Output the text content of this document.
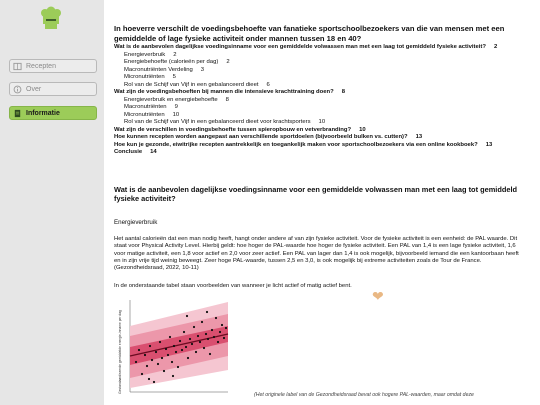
Recepten
Over
Informatie
In hoeverre verschilt de voedingsbehoefte van fanatieke sportschoolbezoekers van die van mensen met een gemiddelde of lage fysieke activiteit onder mannen tussen 18 en 40?
Wat is de aanbevolen dagelijkse voedingsinname voor een gemiddelde volwassen man met een laag tot gemiddeld fysieke activiteit? 2
Energieverbruik 2
Energiebehoefte (calorieën per dag) 2
Macronutriënten Verdeling 3
Micronutriënten 5
Rol van de Schijf van Vijf in een gebalanceerd dieet 6
Wat zijn de voedingsbehoeften bij mannen die intensieve krachttraining doen? 8
Energieverbruik en energiebehoefte 8
Macronutriënten 9
Micronutriënten 10
Rol van de Schijf van Vijf in een gebalanceerd dieet voor krachtsporters 10
Wat zijn de verschillen in voedingsbehoefte tussen spieropbouw en vetverbranding? 10
Hoe kunnen recepten worden aangepast aan verschillende sportdoelen (bijvoorbeeld bulken vs. cutten)? 13
Hoe kun je gezonde, eiwitrijke recepten aantrekkelijk en toegankelijk maken voor sportschoolbezoekers via een online kookboek? 13
Conclusie 14
Wat is de aanbevolen dagelijkse voedingsinname voor een gemiddelde volwassen man met een laag tot gemiddeld fysieke activiteit?
Energieverbruik
Het aantal calorieën dat een man nodig heeft, hangt onder andere af van zijn fysieke activiteit. Voor de fysieke activiteit is een eenheid: de PAL waarde. Dit staat voor Physical Activity Level. Hierbij geldt: hoe hoger de PAL-waarde hoe hoger de fysieke activiteit. Een PAL van 1,4 is een lage fysieke activiteit, 1,6 voor matige activiteit, een 1,8 voor actief en 2,0 voor zeer actief. Een PAL van lager dan 1,4 is ook mogelijk, bijvoorbeeld iemand die een kantoorbaan heeft en in zijn vrije tijd weinig beweegt. Zeer hoge PAL-waarde, tussen 2,5 en 3,0, is ook mogelijk bij extreme activiteiten zoals de Tour de France.
(Gezondheidsraad, 2022, 10-11)
In de onderstaande tabel staan voorbeelden van wanneer je licht actief of matig actief bent.
Gestandaardiseerde gemiddelde energie-inname per dag
❤
(Het originele label van de Gezondheidsraad bevat ook hogere PAL-waarden, maar omdat deze
